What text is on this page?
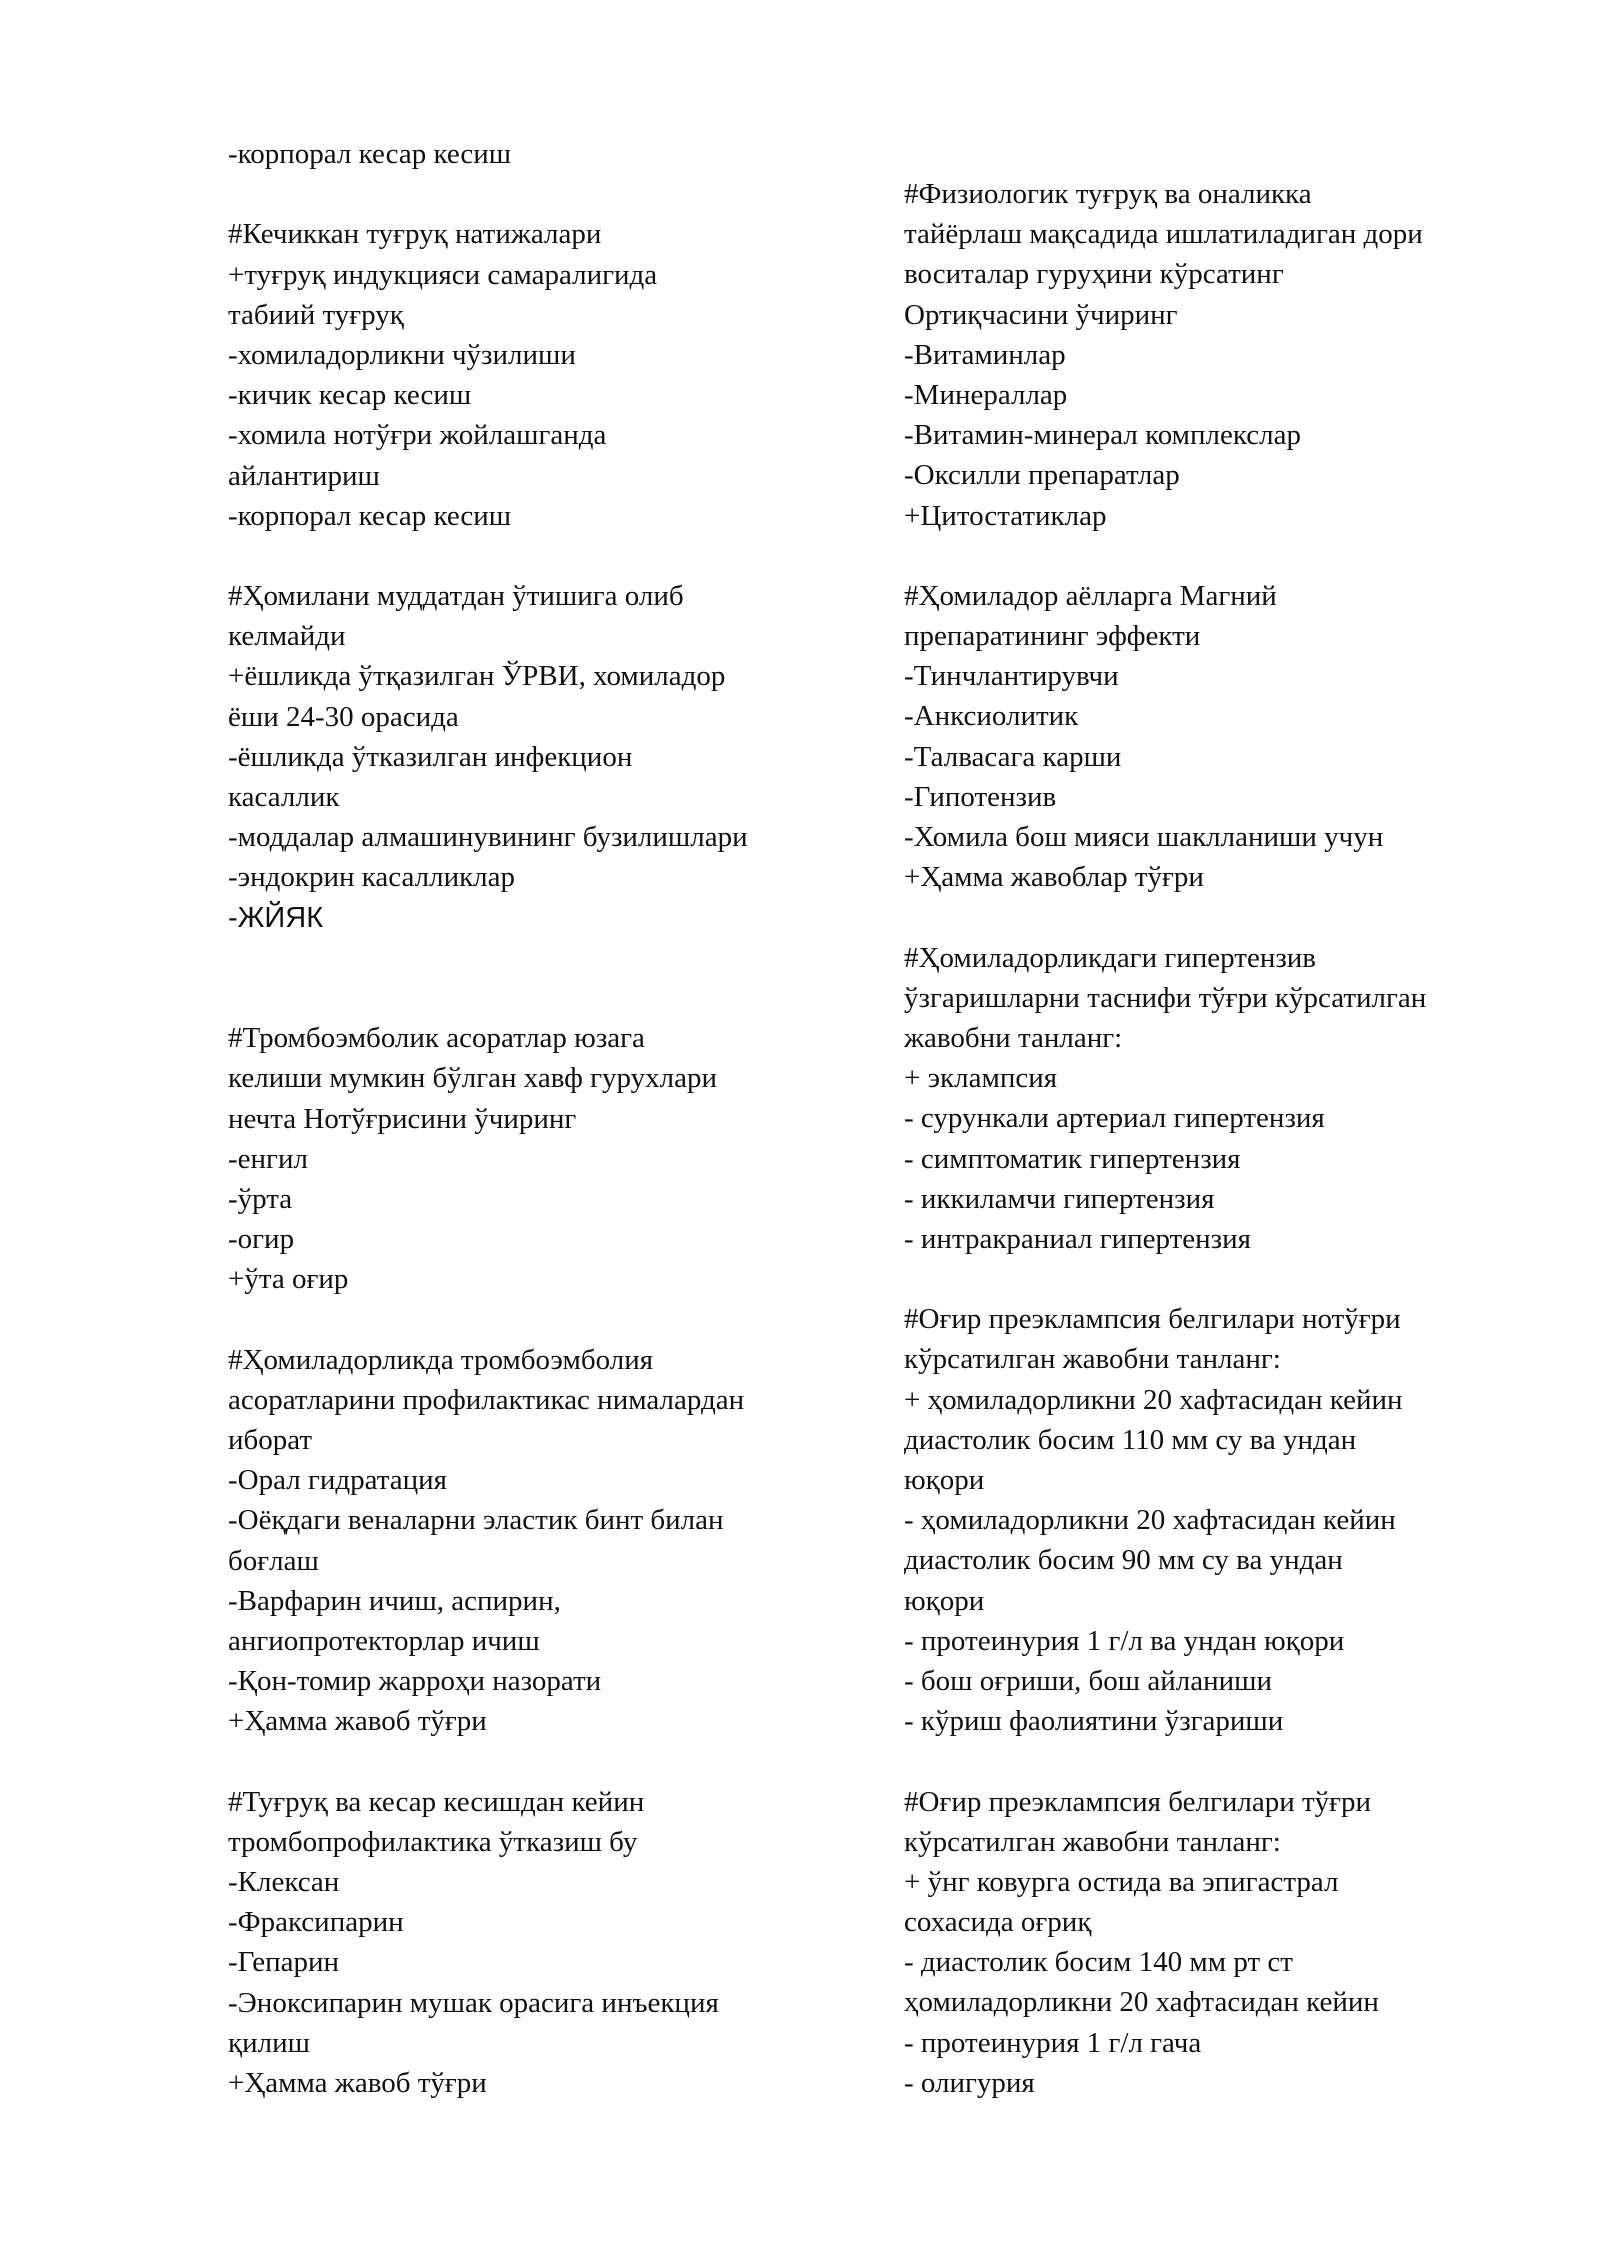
-корпорал кесар кесиш
#Кечиккан туғруқ натижалари
+туғруқ индукцияси самаралигида
табиий туғруқ
-хомиладорликни чўзилиши
-кичик кесар кесиш
-хомила нотўғри жойлашганда
айлантириш
-корпорал кесар кесиш
#Ҳомилани муддатдан ўтишига олиб
келмайди
+ёшликда ўтқазилган ЎРВИ, хомиладор
ёши 24-30 орасида
-ёшликда ўтказилган инфекцион
касаллик
-моддалар алмашинувининг бузилишлари
-эндокрин касалликлар
-ЖЙЯК
#Тромбоэмболик асоратлар юзага
келиши мумкин бўлган хавф гурухлари
нечта Нотўғрисини ўчиринг
-енгил
-ўрта
-огир
+ўта оғир
#Ҳомиладорликда тромбоэмболия
асоратларини профилактикас нималардан
иборат
-Орал гидратация
-Оёқдаги веналарни эластик бинт билан
боғлаш
-Варфарин ичиш, аспирин,
ангиопротекторлар ичиш
-Қон-томир жарроҳи назорати
+Ҳамма жавоб тўғри
#Туғруқ ва кесар кесишдан кейин
тромбопрофилактика ўтказиш бу
-Клексан
-Фраксипарин
-Гепарин
-Эноксипарин мушак орасига инъекция
қилиш
+Ҳамма жавоб тўғри
#Физиологик туғруқ ва оналикка
тайёрлаш мақсадида ишлатиладиган дори
воситалар гуруҳини кўрсатинг
Ортиқчасини ўчиринг
-Витаминлар
-Минераллар
-Витамин-минерал комплекслар
-Оксилли препаратлар
+Цитостатиклар
#Ҳомиладор аёлларга Магний
препаратининг эффекти
-Тинчлантирувчи
-Анксиолитик
-Талвасага карши
-Гипотензив
-Хомила бош мияси шаклланиши учун
+Ҳамма жавоблар тўғри
#Ҳомиладорликдаги гипертензив
ўзгаришларни таснифи тўғри кўрсатилган
жавобни танланг:
+ эклампсия
- сурункали артериал гипертензия
- симптоматик гипертензия
- иккиламчи гипертензия
- интракраниал гипертензия
#Оғир преэклампсия белгилари нотўғри
кўрсатилган жавобни танланг:
+ ҳомиладорликни 20 хафтасидан кейин
диастолик босим 110 мм су ва ундан
юқори
- ҳомиладорликни 20 хафтасидан кейин
диастолик босим 90 мм су ва ундан
юқори
- протеинурия 1 г/л ва ундан юқори
- бош оғриши, бош айланиши
- кўриш фаолиятини ўзгариши
#Оғир преэклампсия белгилари тўғри
кўрсатилган жавобни танланг:
+ ўнг ковурга остида ва эпигастрал
сохасида оғриқ
- диастолик босим 140 мм рт ст
ҳомиладорликни 20 хафтасидан кейин
- протеинурия 1 г/л гача
- олигурия
